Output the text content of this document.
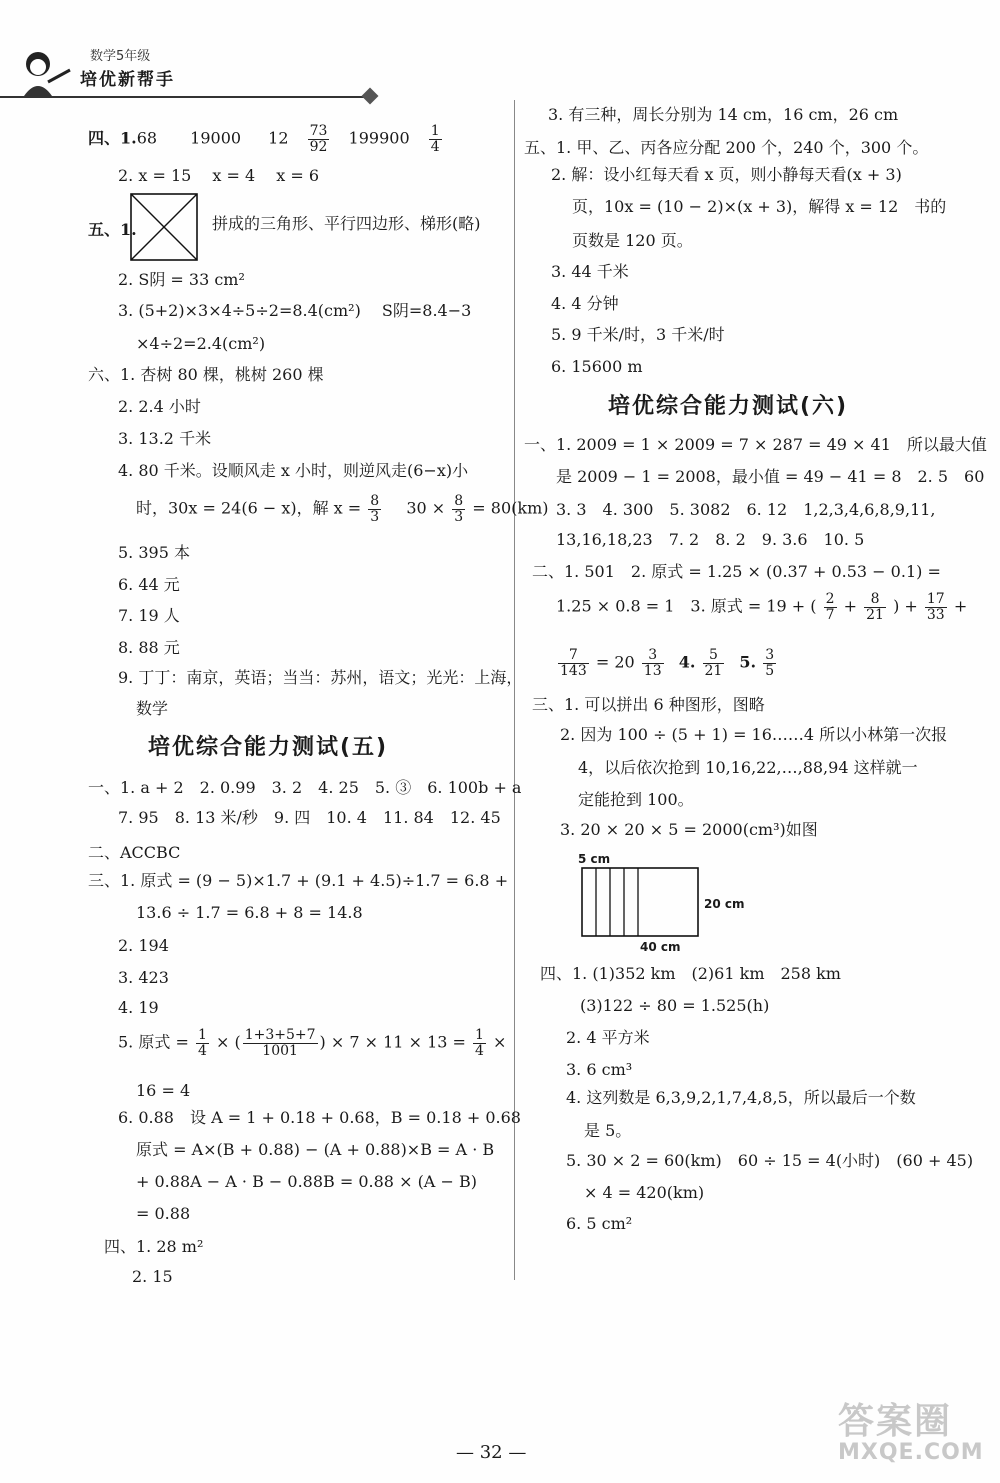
数学5年级
培优新帮手
四、1.68 19000 $12 \frac{73}{92} 199900 \frac{1}{4}$
2. x = 15　 x = 4　 x = 6
五、1.	拼成的三角形、平行四边形、梯形(略)
2. S阴 = 33 cm²
3. (5+2)×3×4÷5÷2=8.4(cm²)　 S阴=8.4−3
×4÷2=2.4(cm²)
六、1. 杏树 80 棵，桃树 260 棵
2. 2.4 小时
3. 13.2 千米
4. 80 千米。设顺风走 x 小时，则逆风走(6−x)小
时，30x = 24(6 − x)，解 $x = \frac{8}{3} 30 \times \frac{8}{3} = 80(km)$
5. 395 本
6. 44 元
7. 19 人
8. 88 元
9. 丁丁：南京，英语；当当：苏州，语文；光光：上海，
数学
培优综合能力测试(五)
一、1. a + 2　2. 0.99　3. 2　4. 25　5. ③　6. 100b + a
7. 95　8. 13 米/秒　9. 四　10. 4　11. 84　12. 45
二、ACCBC
三、1. 原式 = (9 − 5)×1.7 + (9.1 + 4.5)÷1.7 = 6.8 +
13.6 ÷ 1.7 = 6.8 + 8 = 14.8
2. 194
3. 423
4. 19
5. 原式 = $\frac{1}{4}$ × ( $\frac{1+3+5+7}{1001}$ ) × $7 \times 11 \times 13 = \frac{1}{4}$ ×
16 = 4
6. 0.88　设 A = 1 + 0.18 + 0.68，B = 0.18 + 0.68
原式 = A×(B + 0.88) − (A + 0.88)×B = A · B
+ 0.88A − A · B − 0.88B = 0.88 × (A − B)
= 0.88
四、1. 28 m²
2. 15
3. 有三种，周长分别为 14 cm，16 cm，26 cm
五、1. 甲、乙、丙各应分配 200 个，240 个，300 个。
2. 解：设小红每天看 x 页，则小静每天看(x + 3)
页，10x = (10 − 2)×(x + 3)，解得 x = 12　书的
页数是 120 页。
3. 44 千米
4. 4 分钟
5. 9 千米/时，3 千米/时
6. 15600 m
培优综合能力测试(六)
一、1. 2009 = 1 × 2009 = 7 × 287 = 49 × 41　所以最大值
是 2009 − 1 = 2008，最小值 = 49 − 41 = 8　2. 5　60
3. 3　4. 300　5. 3082　6. 12　1,2,3,4,6,8,9,11,
13,16,18,23　7. 2　8. 2　9. 3.6　10. 5
二、1. 501　2. 原式 = 1.25 × (0.37 + 0.53 − 0.1) =
1.25 × 0.8 = 1　3. 原式 = 19 + ( $\frac{2}{7} + \frac{8}{21}$ ) + $\frac{17}{33}$ +
$\frac{7}{143} = 20 \frac{3}{13} 4$. $\frac{5}{21} 5$. $\frac{3}{5}$
三、1. 可以拼出 6 种图形，图略
2. 因为 100 ÷ (5 + 1) = 16……4 所以小林第一次报
4，以后依次抢到 10,16,22,…,88,94 这样就一
定能抢到 100。
3. 20 × 20 × 5 = 2000(cm³)如图
5 cm
20 cm
40 cm
四、1. (1)352 km　(2)61 km　258 km
(3)122 ÷ 80 = 1.525(h)
2. 4 平方米
3. 6 cm³
4. 这列数是 6,3,9,2,1,7,4,8,5，所以最后一个数
是 5。
5. 30 × 2 = 60(km)　60 ÷ 15 = 4(小时)　(60 + 45)
× 4 = 420(km)
6. 5 cm²
— 32 —
答案圈
MXQE.COM
